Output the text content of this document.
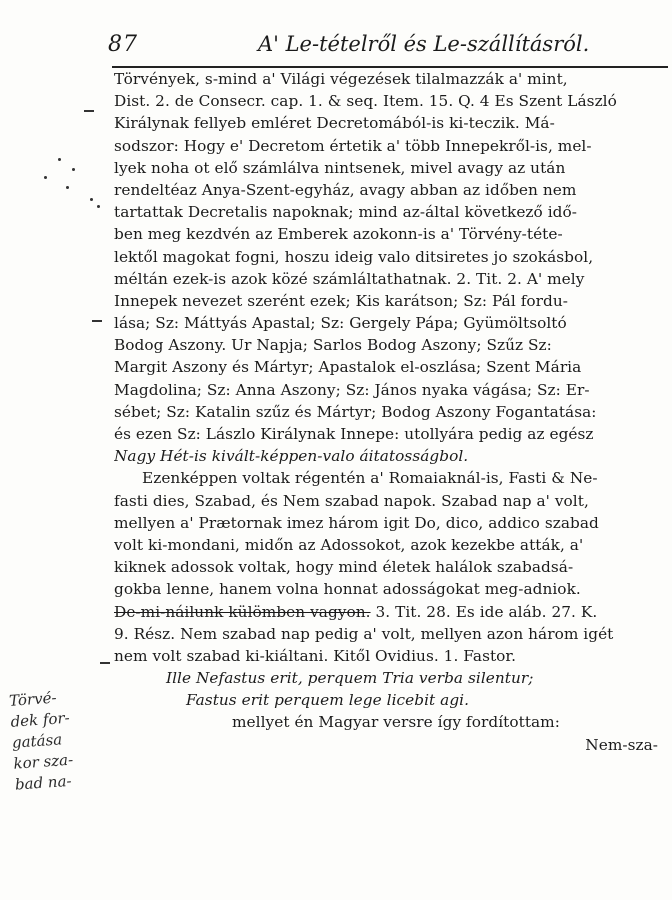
87	A' Le-tételről és Le-szállításról.
Törvények, s-mind a' Világi végezések tilalmazzák a' mint,
Dist. 2. de Consecr. cap. 1. & seq. Item. 15. Q. 4 Es Szent László
Királynak fellyeb emléret Decretomából-is ki-teczik. Má-
sodszor: Hogy e' Decretom értetik a' több Innepekről-is, mel-
lyek noha ot elő számlálva nintsenek, mivel avagy az után
rendeltéaz Anya-Szent-egyház, avagy abban az időben nem
tartattak Decretalis napoknak; mind az-által következő idő-
ben meg kezdvén az Emberek azokonn-is a' Törvény-téte-
lektől magokat fogni, hoszu ideig valo ditsiretes jo szokásbol,
méltán ezek-is azok közé számláltathatnak. 2. Tit. 2. A' mely
Innepek nevezet szerént ezek; Kis karátson; Sz: Pál fordu-
lása; Sz: Máttyás Apastal; Sz: Gergely Pápa; Gyümöltsoltó
Bodog Aszony. Ur Napja; Sarlos Bodog Aszony; Szűz Sz:
Margit Aszony és Mártyr; Apastalok el-oszlása; Szent Mária
Magdolina; Sz: Anna Aszony; Sz: János nyaka vágása; Sz: Er-
sébet; Sz: Katalin szűz és Mártyr; Bodog Aszony Fogantatása:
és ezen Sz: Lászlo Királynak Innepe: utollyára pedig az egész
Nagy Hét-is kivált-képpen-valo áitatosságbol.
Ezenképpen voltak régentén a' Romaiaknál-is, Fasti & Ne-
fasti dies, Szabad, és Nem szabad napok. Szabad nap a' volt,
mellyen a' Prætornak imez három igit Do, dico, addico szabad
volt ki-mondani, midőn az Adossokot, azok kezekbe atták, a'
kiknek adossok voltak, hogy mind életek halálok szabadsá-
gokba lenne, hanem volna honnat adosságokat meg-adniok.
De-mi-náilunk külömben vagyon. 3. Tit. 28. Es ide aláb. 27. K.
9. Rész. Nem szabad nap pedig a' volt, mellyen azon három igét
nem volt szabad ki-kiáltani. Kitől Ovidius. 1. Fastor.
Ille Nefastus erit, perquem Tria verba silentur;
Fastus erit perquem lege licebit agi.
mellyet én Magyar versre így fordítottam:
Nem-sza-
Törvé-
dek for-
gatása
kor sza-
bad na-
